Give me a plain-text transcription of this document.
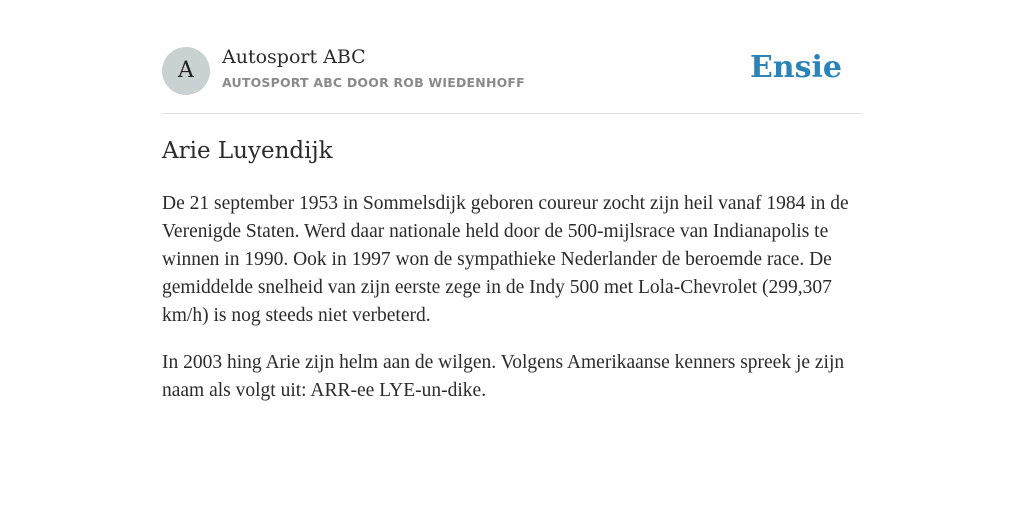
A
Autosport ABC
AUTOSPORT ABC DOOR ROB WIEDENHOFF	Ensie
Arie Luyendijk

De 21 september 1953 in Sommelsdijk geboren coureur zocht zijn heil vanaf 1984 in de Verenigde Staten. Werd daar nationale held door de 500-mijlsrace van Indianapolis te winnen in 1990. Ook in 1997 won de sympathieke Nederlander de beroemde race. De gemiddelde snelheid van zijn eerste zege in de Indy 500 met Lola-Chevrolet (299,307 km/h) is nog steeds niet verbeterd.

In 2003 hing Arie zijn helm aan de wilgen. Volgens Amerikaanse kenners spreek je zijn naam als volgt uit: ARR-ee LYE-un-dike.
